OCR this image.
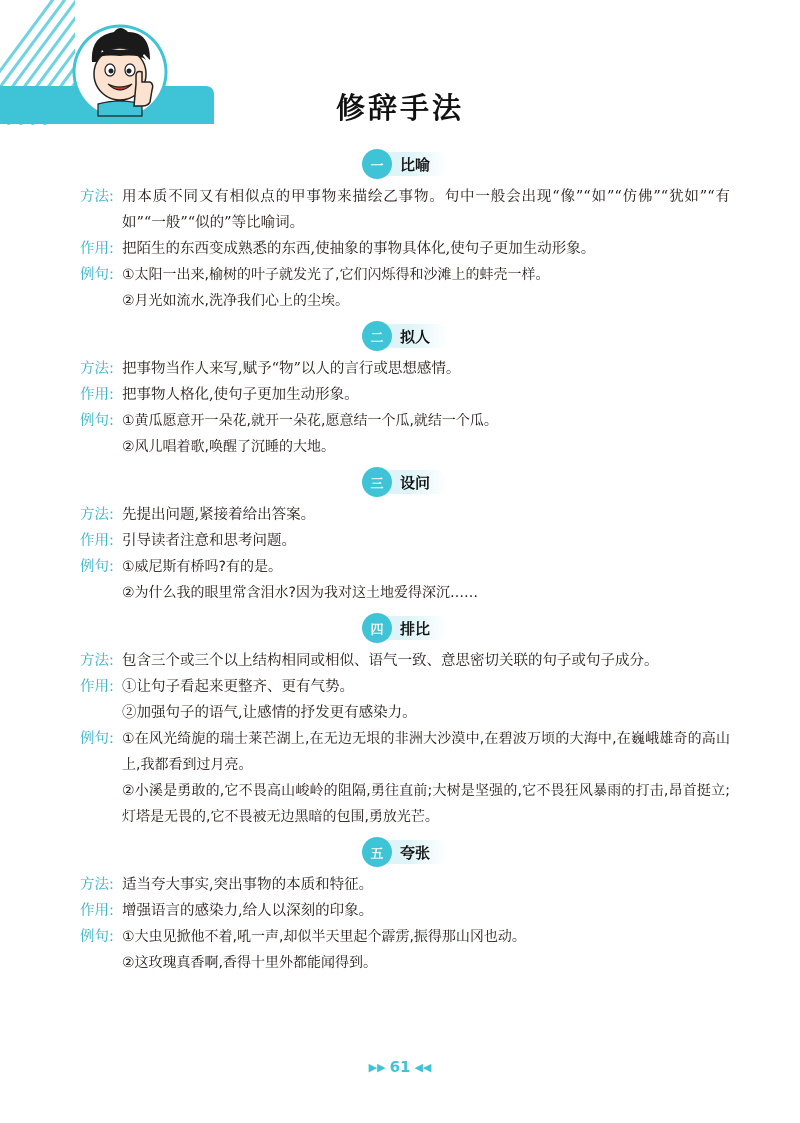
修辞手法
一	比喻
方法: 用本质不同又有相似点的甲事物来描绘乙事物。句中一般会出现“像”“如”“仿佛”“犹如”“有如”“一般”“似的”等比喻词。
作用: 把陌生的东西变成熟悉的东西,使抽象的事物具体化,使句子更加生动形象。
例句: ①太阳一出来,榆树的叶子就发光了,它们闪烁得和沙滩上的蚌壳一样。
②月光如流水,洗净我们心上的尘埃。
二	拟人
方法: 把事物当作人来写,赋予“物”以人的言行或思想感情。
作用: 把事物人格化,使句子更加生动形象。
例句: ①黄瓜愿意开一朵花,就开一朵花,愿意结一个瓜,就结一个瓜。
②风儿唱着歌,唤醒了沉睡的大地。
三	设问
方法: 先提出问题,紧接着给出答案。
作用: 引导读者注意和思考问题。
例句: ①威尼斯有桥吗?有的是。
②为什么我的眼里常含泪水?因为我对这土地爱得深沉……
四	排比
方法: 包含三个或三个以上结构相同或相似、语气一致、意思密切关联的句子或句子成分。
作用: ①让句子看起来更整齐、更有气势。
②加强句子的语气,让感情的抒发更有感染力。
例句: ①在风光绮旎的瑞士莱芒湖上,在无边无垠的非洲大沙漠中,在碧波万顷的大海中,在巍峨雄奇的高山上,我都看到过月亮。
②小溪是勇敢的,它不畏高山峻岭的阻隔,勇往直前;大树是坚强的,它不畏狂风暴雨的打击,昂首挺立;灯塔是无畏的,它不畏被无边黑暗的包围,勇放光芒。
五	夸张
方法: 适当夸大事实,突出事物的本质和特征。
作用: 增强语言的感染力,给人以深刻的印象。
例句: ①大虫见掀他不着,吼一声,却似半天里起个霹雳,振得那山冈也动。
②这玫瑰真香啊,香得十里外都能闻得到。
▶▶ 61 ◀◀
